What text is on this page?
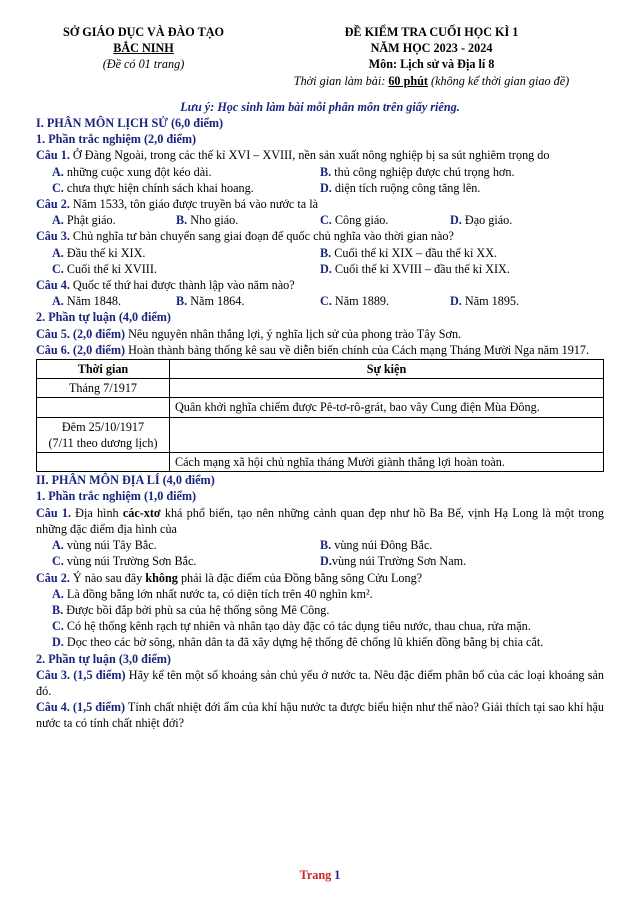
SỞ GIÁO DỤC VÀ ĐÀO TẠO
BẮC NINH
(Đề có 01 trang)
ĐỀ KIỂM TRA CUỐI HỌC KÌ 1
NĂM HỌC 2023 - 2024
Môn: Lịch sử và Địa lí 8
Thời gian làm bài: 60 phút (không kể thời gian giao đề)
Lưu ý: Học sinh làm bài mỗi phân môn trên giấy riêng.
I. PHÂN MÔN LỊCH SỬ (6,0 điểm)
1. Phần trắc nghiệm (2,0 điểm)

Câu 1. Ở Đàng Ngoài, trong các thế kỉ XVI – XVIII, nền sản xuất nông nghiệp bị sa sút nghiêm trọng do

A. những cuộc xung đột kéo dài.	B. thủ công nghiệp được chú trọng hơn.
C. chưa thực hiện chính sách khai hoang.	D. diện tích ruộng công tăng lên.

Câu 2. Năm 1533, tôn giáo được truyền bá vào nước ta là

A. Phật giáo.	B. Nho giáo.	C. Công giáo.	D. Đạo giáo.

Câu 3. Chủ nghĩa tư bản chuyển sang giai đoạn đế quốc chủ nghĩa vào thời gian nào?

A. Đầu thế kỉ XIX.	B. Cuối thế kỉ XIX – đầu thế kỉ XX.
C. Cuối thế kỉ XVIII.	D. Cuối thế kỉ XVIII – đầu thế kỉ XIX.

Câu 4. Quốc tế thứ hai được thành lập vào năm nào?

A. Năm 1848.	B. Năm 1864.	C. Năm 1889.	D. Năm 1895.
2. Phần tự luận (4,0 điểm)

Câu 5. (2,0 điểm) Nêu nguyên nhân thắng lợi, ý nghĩa lịch sử của phong trào Tây Sơn.

Câu 6. (2,0 điểm) Hoàn thành bảng thống kê sau về diễn biến chính của Cách mạng Tháng Mười Nga năm 1917.

Thời gian	Sự kiện
Tháng 7/1917	
	Quân khởi nghĩa chiếm được Pê-tơ-rô-grát, bao vây Cung điện Mùa Đông.

Đêm 25/10/1917
(7/11 theo dương lịch)	

	Cách mạng xã hội chủ nghĩa tháng Mười giành thắng lợi hoàn toàn.
II. PHÂN MÔN ĐỊA LÍ (4,0 điểm)
1. Phần trắc nghiệm (1,0 điểm)

Câu 1. Địa hình các-xtơ khá phổ biến, tạo nên những cảnh quan đẹp như hồ Ba Bể, vịnh Hạ Long là một trong những đặc điểm địa hình của

A. vùng núi Tây Bắc.	B. vùng núi Đông Bắc.
C. vùng núi Trường Sơn Bắc.	D.vùng núi Trường Sơn Nam.

Câu 2. Ý nào sau đây không phải là đặc điểm của Đồng bằng sông Cửu Long?

A. Là đồng bằng lớn nhất nước ta, có diện tích trên 40 nghìn km².
B. Được bồi đắp bởi phù sa của hệ thống sông Mê Công.
C. Có hệ thống kênh rạch tự nhiên và nhân tạo dày đặc có tác dụng tiêu nước, thau chua, rửa mặn.
D. Dọc theo các bờ sông, nhân dân ta đã xây dựng hệ thống đê chống lũ khiến đồng bằng bị chia cắt.
2. Phần tự luận (3,0 điểm)

Câu 3. (1,5 điểm) Hãy kể tên một số khoáng sản chủ yếu ở nước ta. Nêu đặc điểm phân bố của các loại khoáng sản đó.

Câu 4. (1,5 điểm) Tính chất nhiệt đới ẩm của khí hậu nước ta được biểu hiện như thế nào? Giải thích tại sao khí hậu nước ta có tính chất nhiệt đới?

Trang 1
